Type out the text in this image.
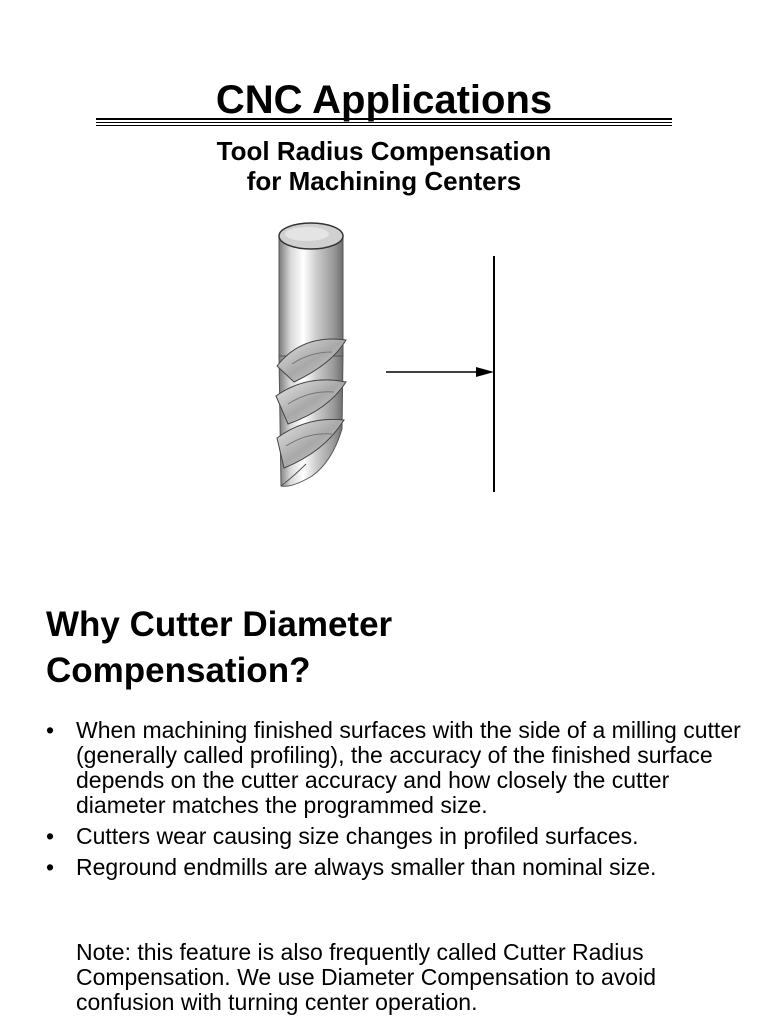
CNC Applications
Tool Radius Compensation
for Machining Centers
Why Cutter Diameter
Compensation?
• When machining finished surfaces with the side of a milling cutter (generally called profiling), the accuracy of the finished surface depends on the cutter accuracy and how closely the cutter diameter matches the programmed size.
• Cutters wear causing size changes in profiled surfaces.
• Reground endmills are always smaller than nominal size.
Note: this feature is also frequently called Cutter Radius Compensation. We use Diameter Compensation to avoid confusion with turning center operation.
